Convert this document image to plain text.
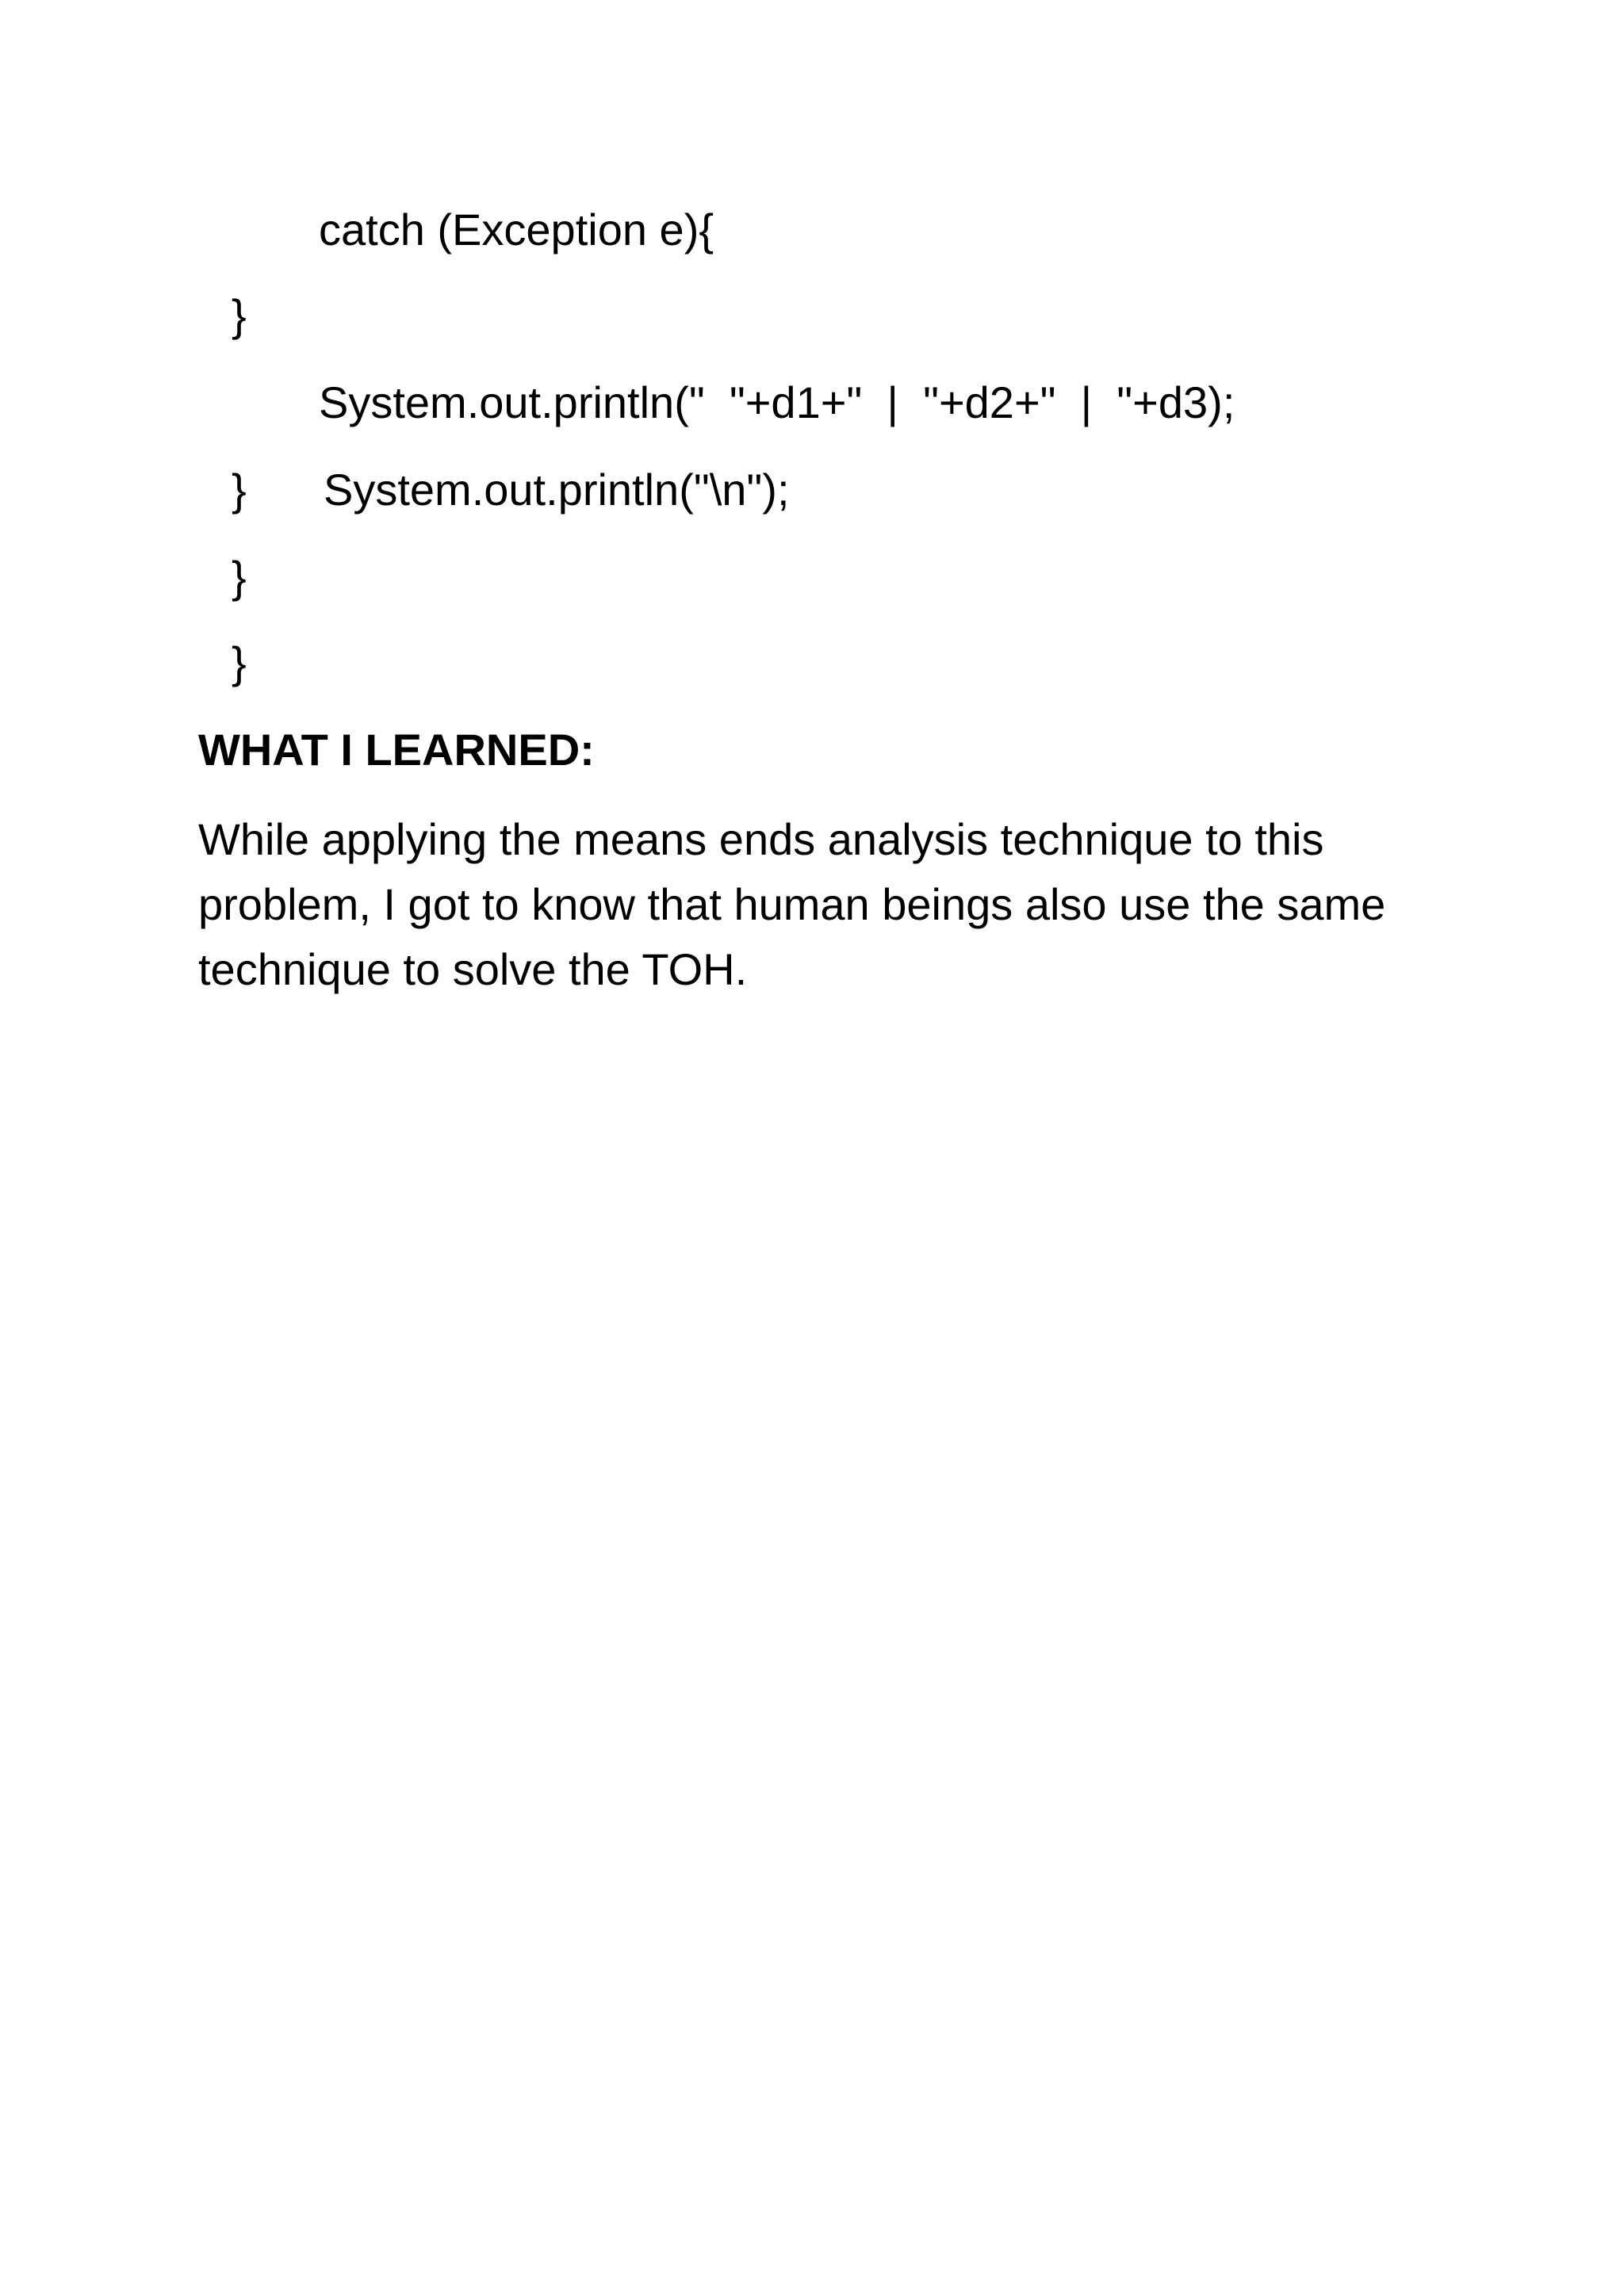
catch (Exception e){
}
System.out.println("  "+d1+"  |  "+d2+"  |  "+d3);
} System.out.println("\n");
}
}
WHAT I LEARNED:
While applying the means ends analysis technique to this problem, I got to know that human beings also use the same technique to solve the TOH.
